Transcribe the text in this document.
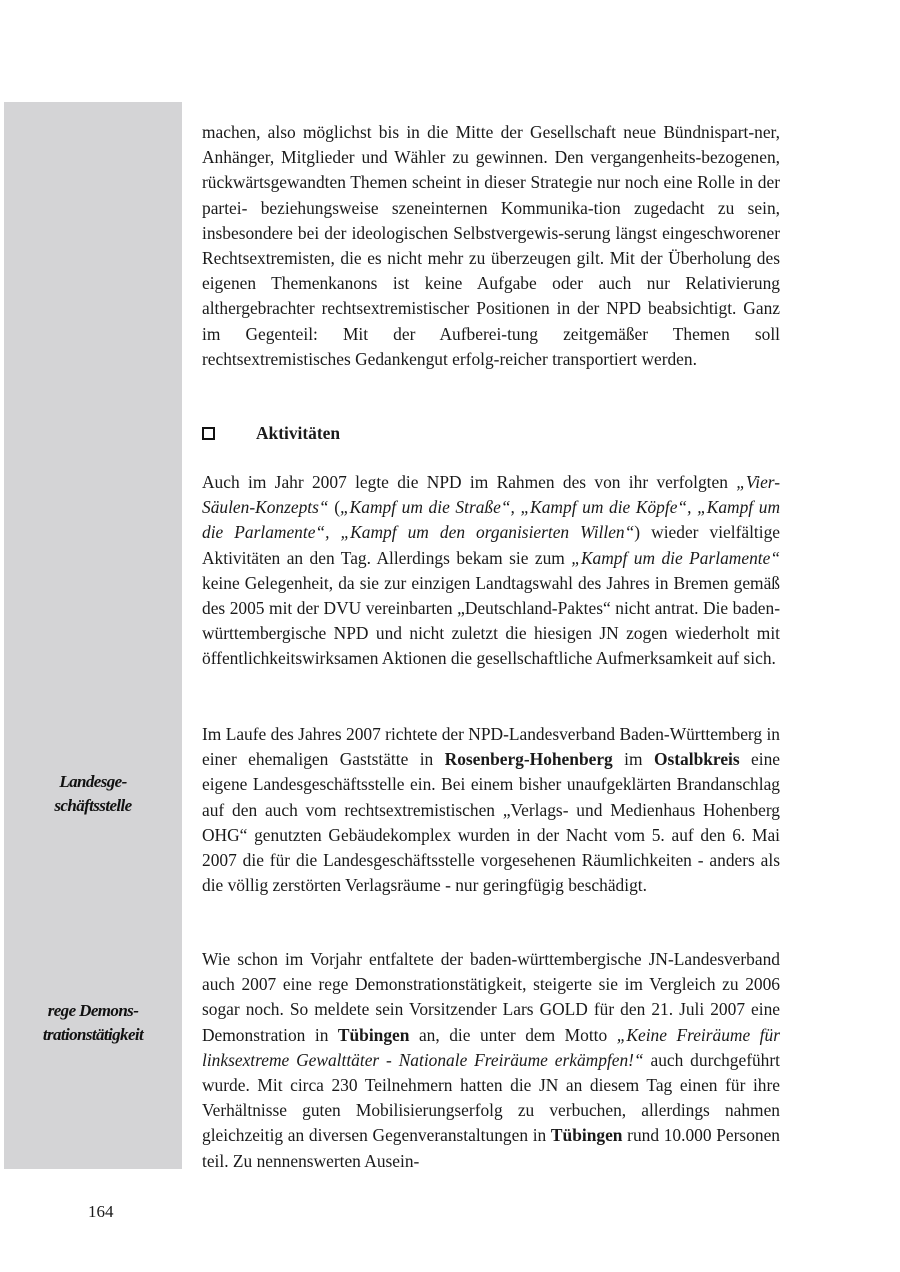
Landesge-
schäftsstelle
rege Demons-
trationstätigkeit

machen, also möglichst bis in die Mitte der Gesellschaft neue Bündnispart-ner, Anhänger, Mitglieder und Wähler zu gewinnen. Den vergangenheits-bezogenen, rückwärtsgewandten Themen scheint in dieser Strategie nur noch eine Rolle in der partei- beziehungsweise szeneinternen Kommunika-tion zugedacht zu sein, insbesondere bei der ideologischen Selbstvergewis-serung längst eingeschworener Rechtsextremisten, die es nicht mehr zu überzeugen gilt. Mit der Überholung des eigenen Themenkanons ist keine Aufgabe oder auch nur Relativierung althergebrachter rechtsextremistischer Positionen in der NPD beabsichtigt. Ganz im Gegenteil: Mit der Aufberei-tung zeitgemäßer Themen soll rechtsextremistisches Gedankengut erfolg-reicher transportiert werden.

Aktivitäten

Auch im Jahr 2007 legte die NPD im Rahmen des von ihr verfolgten „Vier-Säulen-Konzepts“ („Kampf um die Straße“, „Kampf um die Köpfe“, „Kampf um die Parlamente“, „Kampf um den organisierten Willen“) wieder vielfältige Aktivitäten an den Tag. Allerdings bekam sie zum „Kampf um die Parlamente“ keine Gelegenheit, da sie zur einzigen Landtagswahl des Jahres in Bremen gemäß des 2005 mit der DVU vereinbarten „Deutschland-Paktes“ nicht antrat. Die baden-württembergische NPD und nicht zuletzt die hiesigen JN zogen wiederholt mit öffentlichkeitswirksamen Aktionen die gesellschaftliche Aufmerksamkeit auf sich.

Im Laufe des Jahres 2007 richtete der NPD-Landesverband Baden-Württemberg in einer ehemaligen Gaststätte in Rosenberg-Hohenberg im Ostalbkreis eine eigene Landesgeschäftsstelle ein. Bei einem bisher unaufgeklärten Brandanschlag auf den auch vom rechtsextremistischen „Verlags- und Medienhaus Hohenberg OHG“ genutzten Gebäudekomplex wurden in der Nacht vom 5. auf den 6. Mai 2007 die für die Landesgeschäftsstelle vorgesehenen Räumlichkeiten - anders als die völlig zerstörten Verlagsräume - nur geringfügig beschädigt.

Wie schon im Vorjahr entfaltete der baden-württembergische JN-Landesverband auch 2007 eine rege Demonstrationstätigkeit, steigerte sie im Vergleich zu 2006 sogar noch. So meldete sein Vorsitzender Lars GOLD für den 21. Juli 2007 eine Demonstration in Tübingen an, die unter dem Motto „Keine Freiräume für linksextreme Gewalttäter - Nationale Freiräume erkämpfen!“ auch durchgeführt wurde. Mit circa 230 Teilnehmern hatten die JN an diesem Tag einen für ihre Verhältnisse guten Mobilisierungserfolg zu verbuchen, allerdings nahmen gleichzeitig an diversen Gegenveranstaltungen in Tübingen rund 10.000 Personen teil. Zu nennenswerten Ausein-

164
